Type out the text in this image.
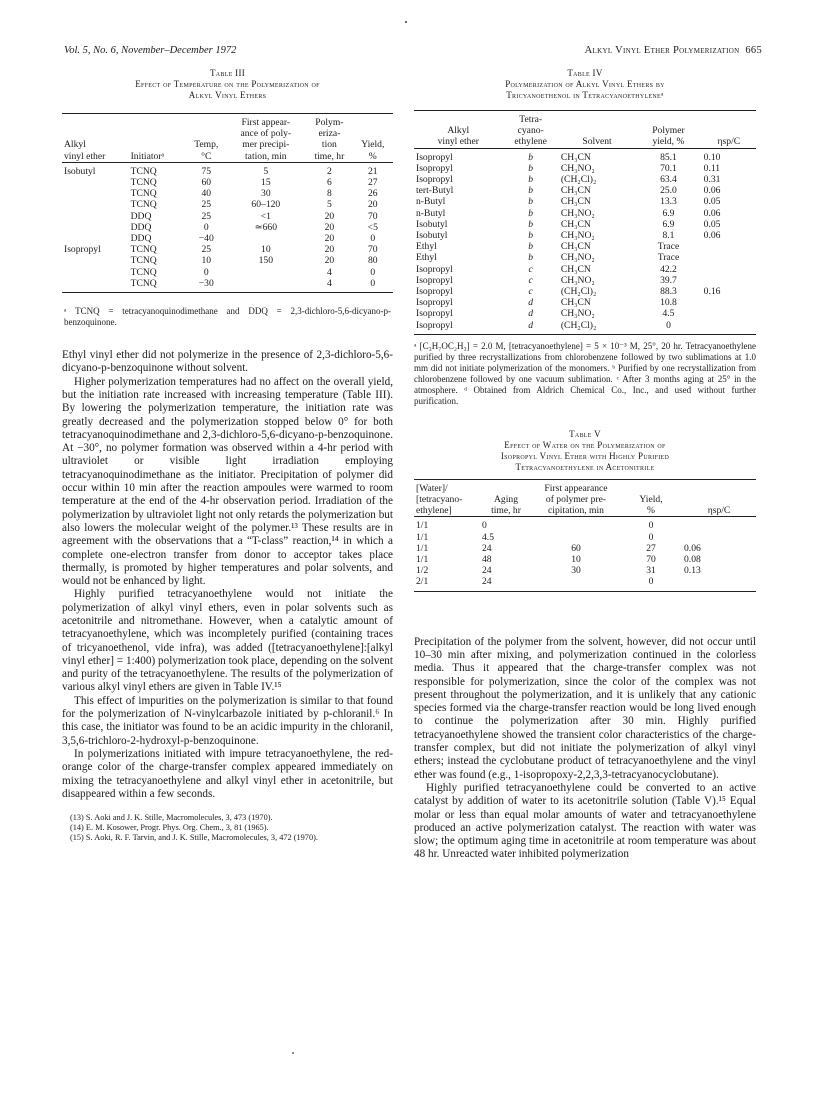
Vol. 5, No. 6, November–December 1972	Alkyl Vinyl Ether Polymerization 665
Table III
Effect of Temperature on the Polymerization of
Alkyl Vinyl Ethers
			First appear-	Polym-	
			ance of poly-	eriza-	
Alkyl		Temp,	mer precipi-	tion	Yield,
vinyl ether	Initiatorᵃ	°C	tation, min	time, hr	%
Isobutyl	TCNQ	75	5	2	21
	TCNQ	60	15	6	27
	TCNQ	40	30	8	26
	TCNQ	25	60–120	5	20
	DDQ	25	<1	20	70
	DDQ	0	≃660	20	<5
	DDQ	−40		20	0
Isopropyl	TCNQ	25	10	20	70
	TCNQ	10	150	20	80
	TCNQ	0		4	0
	TCNQ	−30		4	0
ᵃ TCNQ = tetracyanoquinodimethane and DDQ = 2,3-dichloro-5,6-dicyano-p-benzoquinone.

Ethyl vinyl ether did not polymerize in the presence of 2,3-dichloro-5,6-dicyano-p-benzoquinone without solvent.

Higher polymerization temperatures had no affect on the overall yield, but the initiation rate increased with increasing temperature (Table III). By lowering the polymerization temperature, the initiation rate was greatly decreased and the polymerization stopped below 0° for both tetracyanoquinodimethane and 2,3-dichloro-5,6-dicyano-p-benzoquinone. At −30°, no polymer formation was observed within a 4-hr period with ultraviolet or visible light irradiation employing tetracyanoquinodimethane as the initiator. Precipitation of polymer did occur within 10 min after the reaction ampoules were warmed to room temperature at the end of the 4-hr observation period. Irradiation of the polymerization by ultraviolet light not only retards the polymerization but also lowers the molecular weight of the polymer.¹³ These results are in agreement with the observations that a “T-class” reaction,¹⁴ in which a complete one-electron transfer from donor to acceptor takes place thermally, is promoted by higher temperatures and polar solvents, and would not be enhanced by light.

Highly purified tetracyanoethylene would not initiate the polymerization of alkyl vinyl ethers, even in polar solvents such as acetonitrile and nitromethane. However, when a catalytic amount of tetracyanoethylene, which was incompletely purified (containing traces of tricyanoethenol, vide infra), was added ([tetracyanoethylene]:[alkyl vinyl ether] = 1:400) polymerization took place, depending on the solvent and purity of the tetracyanoethylene. The results of the polymerization of various alkyl vinyl ethers are given in Table IV.¹⁵

This effect of impurities on the polymerization is similar to that found for the polymerization of N-vinylcarbazole initiated by p-chloranil.⁶ In this case, the initiator was found to be an acidic impurity in the chloranil, 3,5,6-trichloro-2-hydroxyl-p-benzoquinone.

In polymerizations initiated with impure tetracyanoethylene, the red-orange color of the charge-transfer complex appeared immediately on mixing the tetracyanoethylene and alkyl vinyl ether in acetonitrile, but disappeared within a few seconds.

(13) S. Aoki and J. K. Stille, Macromolecules, 3, 473 (1970).
(14) E. M. Kosower, Progr. Phys. Org. Chem., 3, 81 (1965).
(15) S. Aoki, R. F. Tarvin, and J. K. Stille, Macromolecules, 3, 472 (1970).
Table IV
Polymerization of Alkyl Vinyl Ethers by
Tricyanoethenol in Tetracyanoethyleneᵃ
	Tetra-			
Alkyl	cyano-		Polymer	
vinyl ether	ethylene	Solvent	yield, %	ηsp/C
Isopropyl	b	CH₃CN	85.1	0.10
Isopropyl	b	CH₃NO₂	70.1	0.11
Isopropyl	b	(CH₂Cl)₂	63.4	0.31
tert-Butyl	b	CH₃CN	25.0	0.06
n-Butyl	b	CH₃CN	13.3	0.05
n-Butyl	b	CH₃NO₂	6.9	0.06
Isobutyl	b	CH₃CN	6.9	0.05
Isobutyl	b	CH₃NO₂	8.1	0.06
Ethyl	b	CH₃CN	Trace	
Ethyl	b	CH₃NO₂	Trace	
Isopropyl	c	CH₃CN	42.2	
Isopropyl	c	CH₃NO₂	39.7	
Isopropyl	c	(CH₂Cl)₂	88.3	0.16
Isopropyl	d	CH₃CN	10.8	
Isopropyl	d	CH₃NO₂	4.5	
Isopropyl	d	(CH₂Cl)₂	0	
ᵃ [C₃H₇OC₂H₃] = 2.0 M, [tetracyanoethylene] = 5 × 10⁻³ M, 25°, 20 hr. Tetracyanoethylene purified by three recrystallizations from chlorobenzene followed by two sublimations at 1.0 mm did not initiate polymerization of the monomers. ᵇ Purified by one recrystallization from chlorobenzene followed by one vacuum sublimation. ᶜ After 3 months aging at 25° in the atmosphere. ᵈ Obtained from Aldrich Chemical Co., Inc., and used without further purification.
Table V
Effect of Water on the Polymerization of
Isopropyl Vinyl Ether with Highly Purified
Tetracyanoethylene in Acetonitrile
[Water]/		First appearance		
[tetracyano-	Aging	of polymer pre-	Yield,	
ethylene]	time, hr	cipitation, min	%	ηsp/C
1/1	0		0	
1/1	4.5		0	
1/1	24	60	27	0.06
1/1	48	10	70	0.08
1/2	24	30	31	0.13
2/1	24		0	

Precipitation of the polymer from the solvent, however, did not occur until 10–30 min after mixing, and polymerization continued in the colorless media. Thus it appeared that the charge-transfer complex was not responsible for polymerization, since the color of the complex was not present throughout the polymerization, and it is unlikely that any cationic species formed via the charge-transfer reaction would be long lived enough to continue the polymerization after 30 min. Highly purified tetracyanoethylene showed the transient color characteristics of the charge-transfer complex, but did not initiate the polymerization of alkyl vinyl ethers; instead the cyclobutane product of tetracyanoethylene and the vinyl ether was found (e.g., 1-isopropoxy-2,2,3,3-tetracyanocyclobutane).

Highly purified tetracyanoethylene could be converted to an active catalyst by addition of water to its acetonitrile solution (Table V).¹⁵ Equal molar or less than equal molar amounts of water and tetracyanoethylene produced an active polymerization catalyst. The reaction with water was slow; the optimum aging time in acetonitrile at room temperature was about 48 hr. Unreacted water inhibited polymerization
